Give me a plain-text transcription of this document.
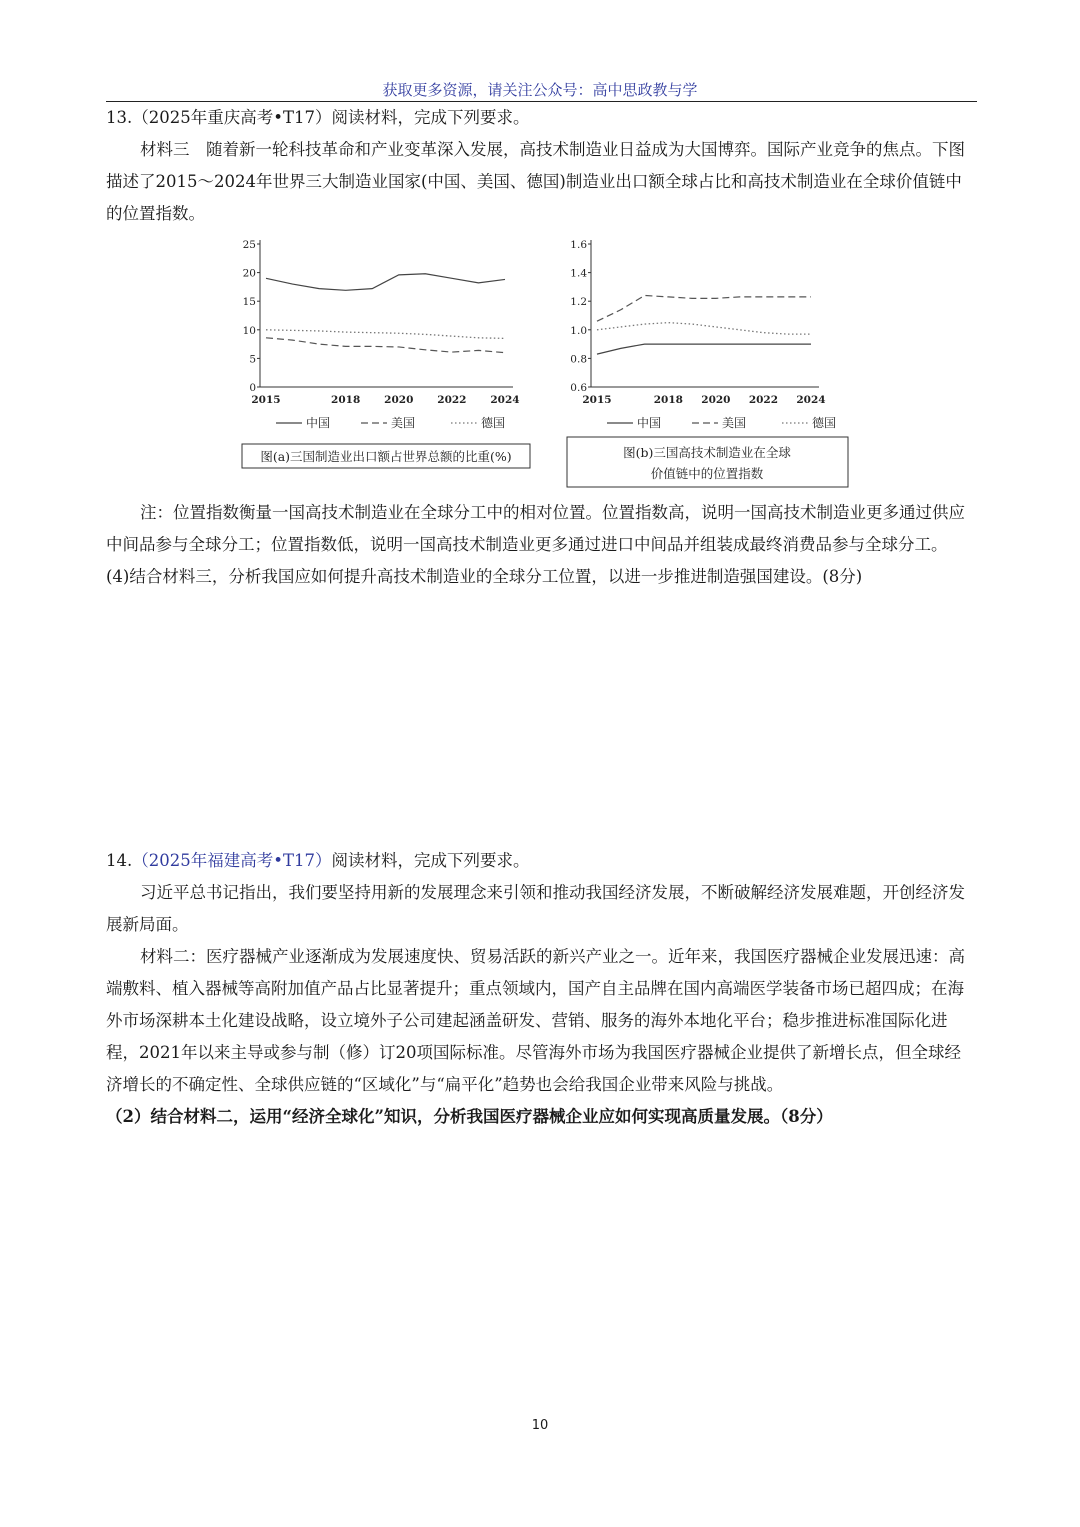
获取更多资源，请关注公众号：高中思政教与学

13.（2025年重庆高考•T17）阅读材料，完成下列要求。

材料三　随着新一轮科技革命和产业变革深入发展，高技术制造业日益成为大国博弈。国际产业竞争的焦点。下图描述了2015～2024年世界三大制造业国家(中国、美国、德国)制造业出口额全球占比和高技术制造业在全球价值链中的位置指数。

0
5
10
15
20
25
2015	2018 2020 2022 2024
中国	美国	德国
图(a)三国制造业出口额占世界总额的比重(%)
0.6
0.8
1.0
1.2
1.4
1.6
2015	2018 2020 2022 2024
中国	美国	德国
图(b)三国高技术制造业在全球
价值链中的位置指数

注：位置指数衡量一国高技术制造业在全球分工中的相对位置。位置指数高，说明一国高技术制造业更多通过供应中间品参与全球分工；位置指数低，说明一国高技术制造业更多通过进口中间品并组装成最终消费品参与全球分工。

(4)结合材料三，分析我国应如何提升高技术制造业的全球分工位置，以进一步推进制造强国建设。(8分)

14.（2025年福建高考•T17）阅读材料，完成下列要求。

习近平总书记指出，我们要坚持用新的发展理念来引领和推动我国经济发展，不断破解经济发展难题，开创经济发展新局面。

材料二：医疗器械产业逐渐成为发展速度快、贸易活跃的新兴产业之一。近年来，我国医疗器械企业发展迅速：高端敷料、植入器械等高附加值产品占比显著提升；重点领域内，国产自主品牌在国内高端医学装备市场已超四成；在海外市场深耕本土化建设战略，设立境外子公司建起涵盖研发、营销、服务的海外本地化平台；稳步推进标准国际化进程，2021年以来主导或参与制（修）订20项国际标准。尽管海外市场为我国医疗器械企业提供了新增长点，但全球经济增长的不确定性、全球供应链的“区域化”与“扁平化”趋势也会给我国企业带来风险与挑战。

（2）结合材料二，运用“经济全球化”知识，分析我国医疗器械企业应如何实现高质量发展。（8分）

10
